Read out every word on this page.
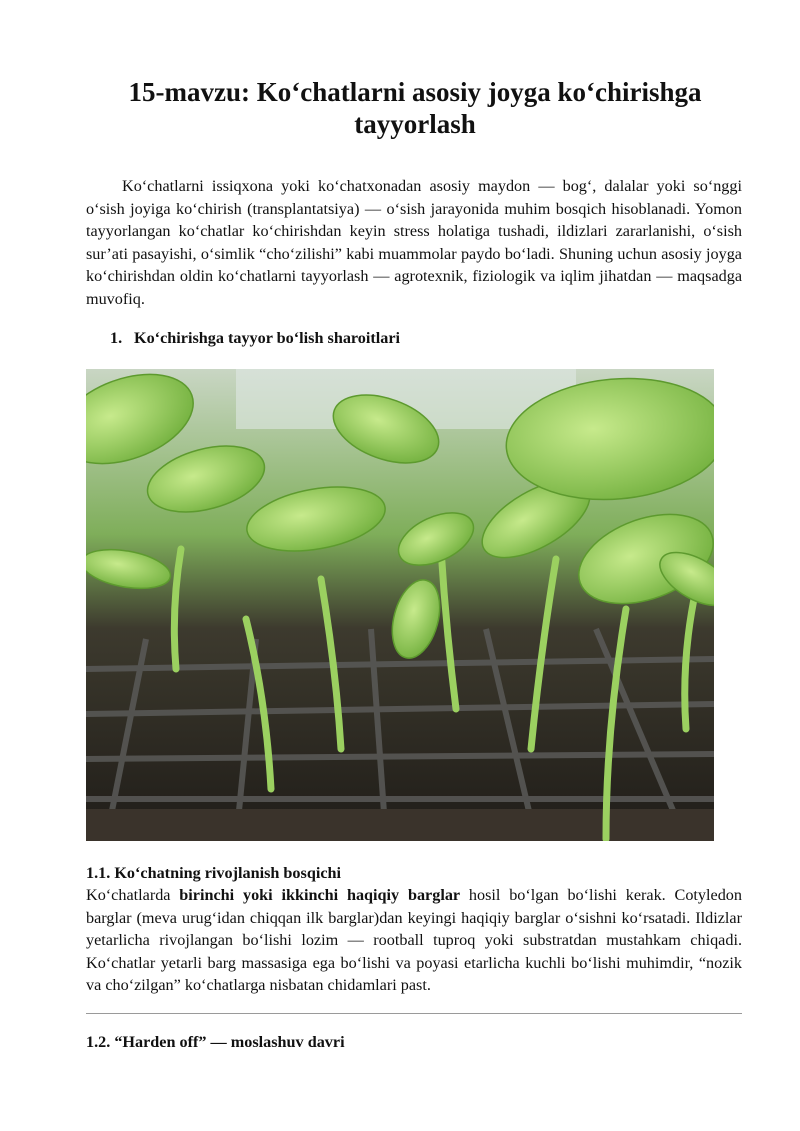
15-mavzu: Ko‘chatlarni asosiy joyga ko‘chirishga tayyorlash

Ko‘chatlarni issiqxona yoki ko‘chatxonadan asosiy maydon — bog‘, dalalar yoki so‘nggi o‘sish joyiga ko‘chirish (transplantatsiya) — o‘sish jarayonida muhim bosqich hisoblanadi. Yomon tayyorlangan ko‘chatlar ko‘chirishdan keyin stress holatiga tushadi, ildizlari zararlanishi, o‘sish sur’ati pasayishi, o‘simlik “cho‘zilishi” kabi muammolar paydo bo‘ladi. Shuning uchun asosiy joyga ko‘chirishdan oldin ko‘chatlarni tayyorlash — agrotexnik, fiziologik va iqlim jihatdan — maqsadga muvofiq.

1. Ko‘chirishga tayyor bo‘lish sharoitlari
1.1. Ko‘chatning rivojlanish bosqichi

Ko‘chatlarda birinchi yoki ikkinchi haqiqiy barglar hosil bo‘lgan bo‘lishi kerak. Cotyledon barglar (meva urug‘idan chiqqan ilk barglar)dan keyingi haqiqiy barglar o‘sishni ko‘rsatadi. Ildizlar yetarlicha rivojlangan bo‘lishi lozim — rootball tuproq yoki substratdan mustahkam chiqadi. Ko‘chatlar yetarli barg massasiga ega bo‘lishi va poyasi etarlicha kuchli bo‘lishi muhimdir, “nozik va cho‘zilgan” ko‘chatlarga nisbatan chidamlari past.

1.2. “Harden off” — moslashuv davri
